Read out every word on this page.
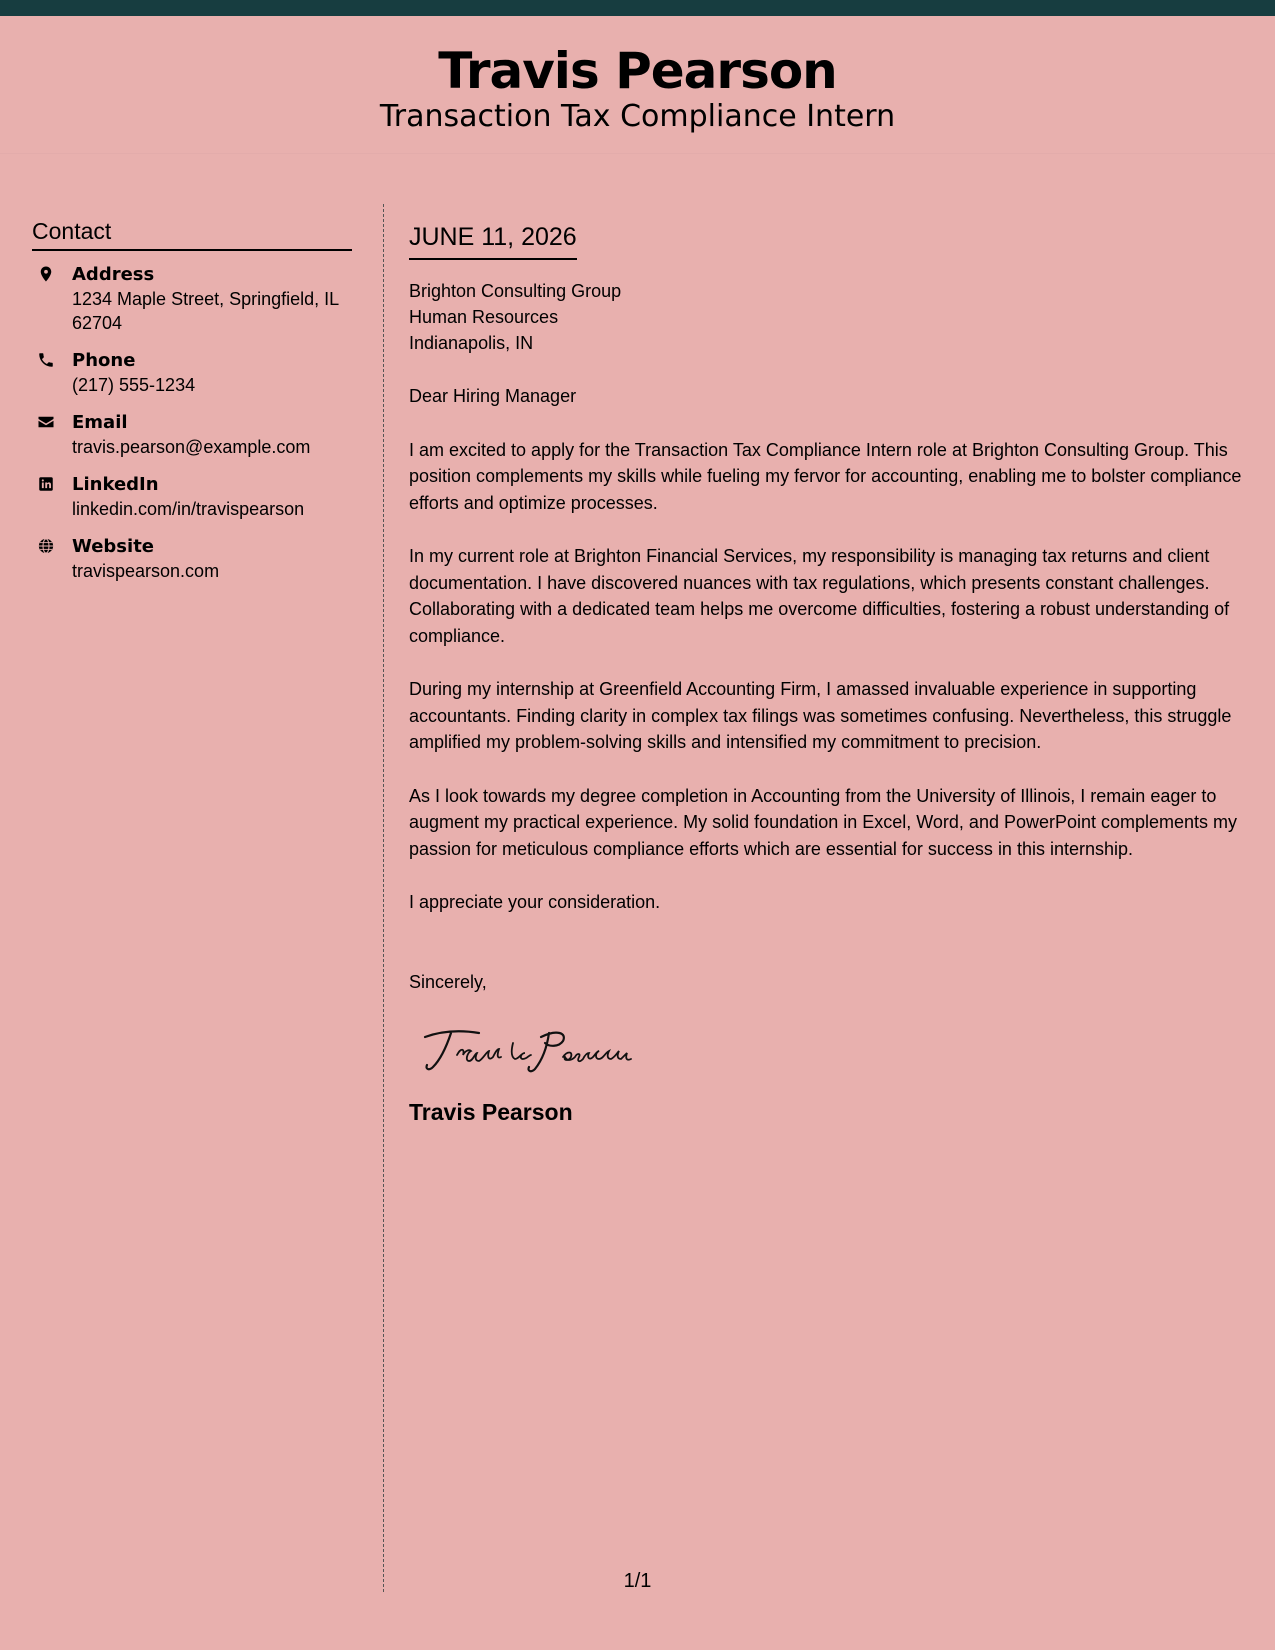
Travis Pearson
Transaction Tax Compliance Intern
Contact
Address
1234 Maple Street, Springfield, IL 62704
Phone
(217) 555-1234
Email
travis.pearson@example.com
LinkedIn
linkedin.com/in/travispearson
Website
travispearson.com
JUNE 11, 2026
Brighton Consulting Group
Human Resources
Indianapolis, IN
Dear Hiring Manager
I am excited to apply for the Transaction Tax Compliance Intern role at Brighton Consulting Group. This position complements my skills while fueling my fervor for accounting, enabling me to bolster compliance efforts and optimize processes.
In my current role at Brighton Financial Services, my responsibility is managing tax returns and client documentation. I have discovered nuances with tax regulations, which presents constant challenges. Collaborating with a dedicated team helps me overcome difficulties, fostering a robust understanding of compliance.
During my internship at Greenfield Accounting Firm, I amassed invaluable experience in supporting accountants. Finding clarity in complex tax filings was sometimes confusing. Nevertheless, this struggle amplified my problem-solving skills and intensified my commitment to precision.
As I look towards my degree completion in Accounting from the University of Illinois, I remain eager to augment my practical experience. My solid foundation in Excel, Word, and PowerPoint complements my passion for meticulous compliance efforts which are essential for success in this internship.
I appreciate your consideration.
Sincerely,
Travis Pearson
1/1
